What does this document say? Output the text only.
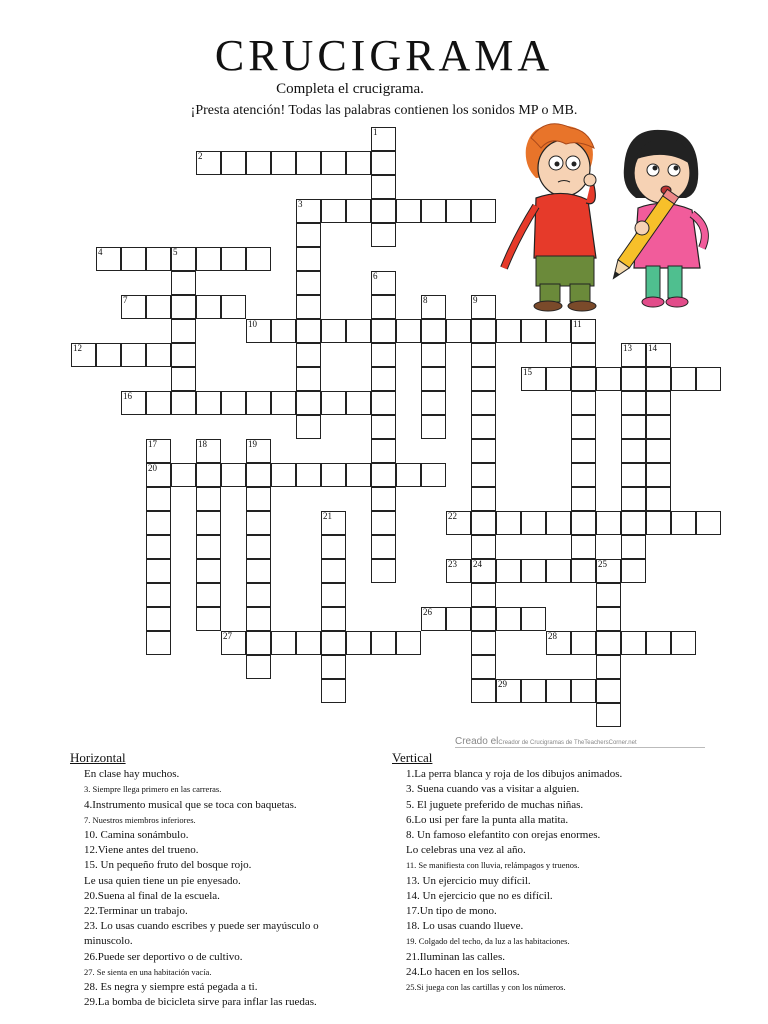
CRUCIGRAMA
Completa el crucigrama.
¡Presta atención! Todas las palabras contienen los sonidos MP o MB.
2
3
4	5
7
10	11
12
15
16
20
22
23 24	25
26
27	28
29
1
6
8	9
13 14
17	18	19
21
Creado elCreador de Crucigramas de TheTeachersCorner.net
Horizontal
En clase hay muchos.
3. Siempre llega primero en las carreras.
4.Instrumento musical que se toca con baquetas.
7. Nuestros miembros inferiores.
10. Camina sonámbulo.
12.Viene antes del trueno.
15. Un pequeño fruto del bosque rojo.
Le usa quien tiene un pie enyesado.
20.Suena al final de la escuela.
22.Terminar un trabajo.
23. Lo usas cuando escribes y puede ser mayúsculo o minuscolo.
26.Puede ser deportivo o de cultivo.
27. Se sienta en una habitación vacía.
28. Es negra y siempre está pegada a ti.
29.La bomba de bicicleta sirve para inflar las ruedas.
Vertical
1.La perra blanca y roja de los dibujos animados.
3. Suena cuando vas a visitar a alguien.
5. El juguete preferido de muchas niñas.
6.Lo usi per fare la punta alla matita.
8. Un famoso elefantito con orejas enormes.
Lo celebras una vez al año.
11. Se manifiesta con lluvia, relámpagos y truenos.
13. Un ejercicio muy difícil.
14. Un ejercicio que no es difícil.
17.Un tipo de mono.
18. Lo usas cuando llueve.
19. Colgado del techo, da luz a las habitaciones.
21.Iluminan las calles.
24.Lo hacen en los sellos.
25.Si juega con las cartillas y con los números.
